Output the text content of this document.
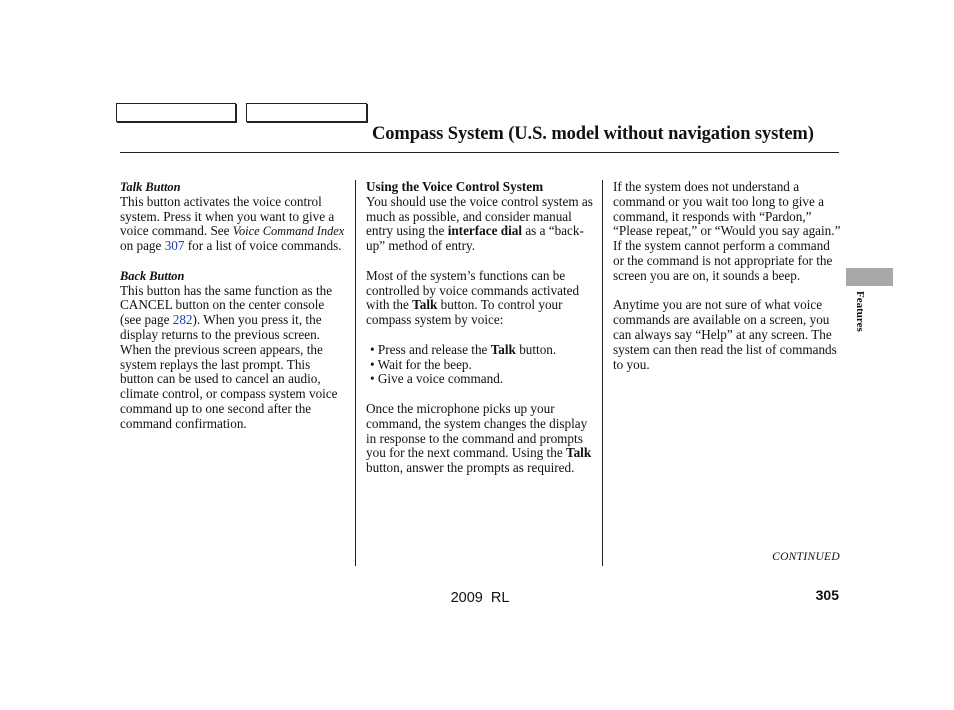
Compass System (U.S. model without navigation system)
Talk Button

This button activates the voice control system. Press it when you want to give a voice command. See Voice Command Index on page 307 for a list of voice commands.

Back Button

This button has the same function as the CANCEL button on the center console (see page 282). When you press it, the display returns to the previous screen. When the previous screen appears, the system replays the last prompt. This button can be used to cancel an audio, climate control, or compass system voice command up to one second after the command confirmation.

Using the Voice Control System

You should use the voice control system as much as possible, and consider manual entry using the interface dial as a “back-up” method of entry.

Most of the system’s functions can be controlled by voice commands activated with the Talk button. To control your compass system by voice:

• Press and release the Talk button.
• Wait for the beep.
• Give a voice command.

Once the microphone picks up your command, the system changes the display in response to the command and prompts you for the next command. Using the Talk button, answer the prompts as required.

If the system does not understand a command or you wait too long to give a command, it responds with “Pardon,” “Please repeat,” or “Would you say again.” If the system cannot perform a command or the command is not appropriate for the screen you are on, it sounds a beep.

Anytime you are not sure of what voice commands are available on a screen, you can always say “Help” at any screen. The system can then read the list of commands to you.

Features
CONTINUED
305
2009  RL
